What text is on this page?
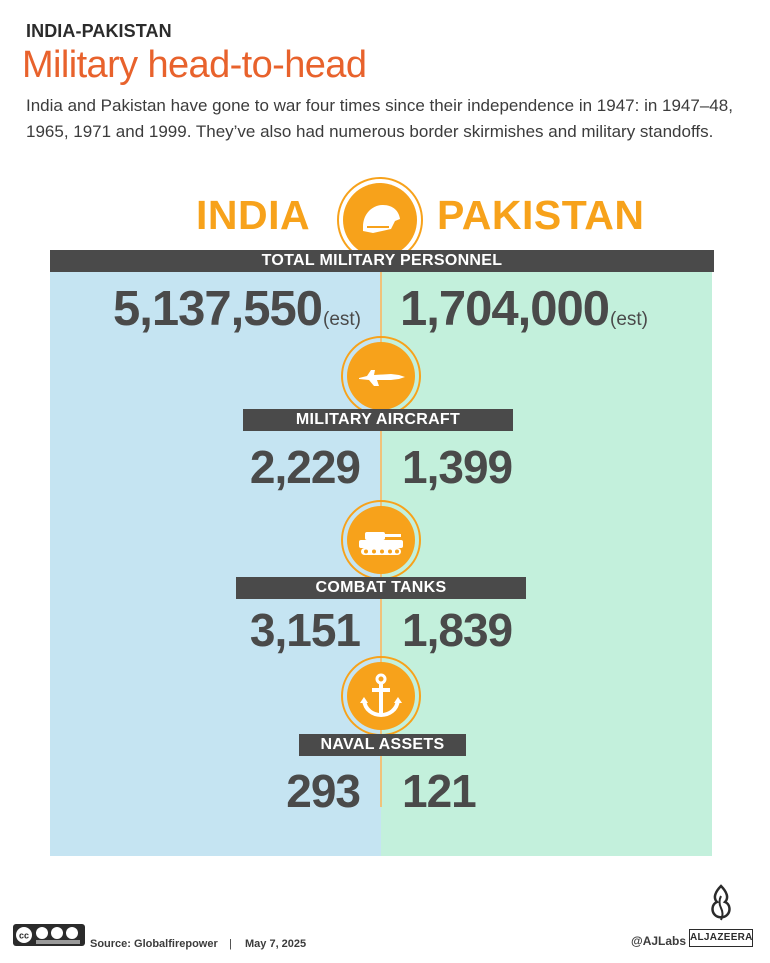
INDIA-PAKISTAN
Military head-to-head
India and Pakistan have gone to war four times since their independence in 1947: in 1947–48, 1965, 1971 and 1999. They’ve also had numerous border skirmishes and military standoffs.
INDIA	PAKISTAN
TOTAL MILITARY PERSONNEL
5,137,550(est) 1,704,000(est)
MILITARY AIRCRAFT
2,229 1,399
COMBAT TANKS
3,151 1,839
NAVAL ASSETS
293 121
cc
Source: Globalfirepower | May 7, 2025	@AJLabs ALJAZEERA
